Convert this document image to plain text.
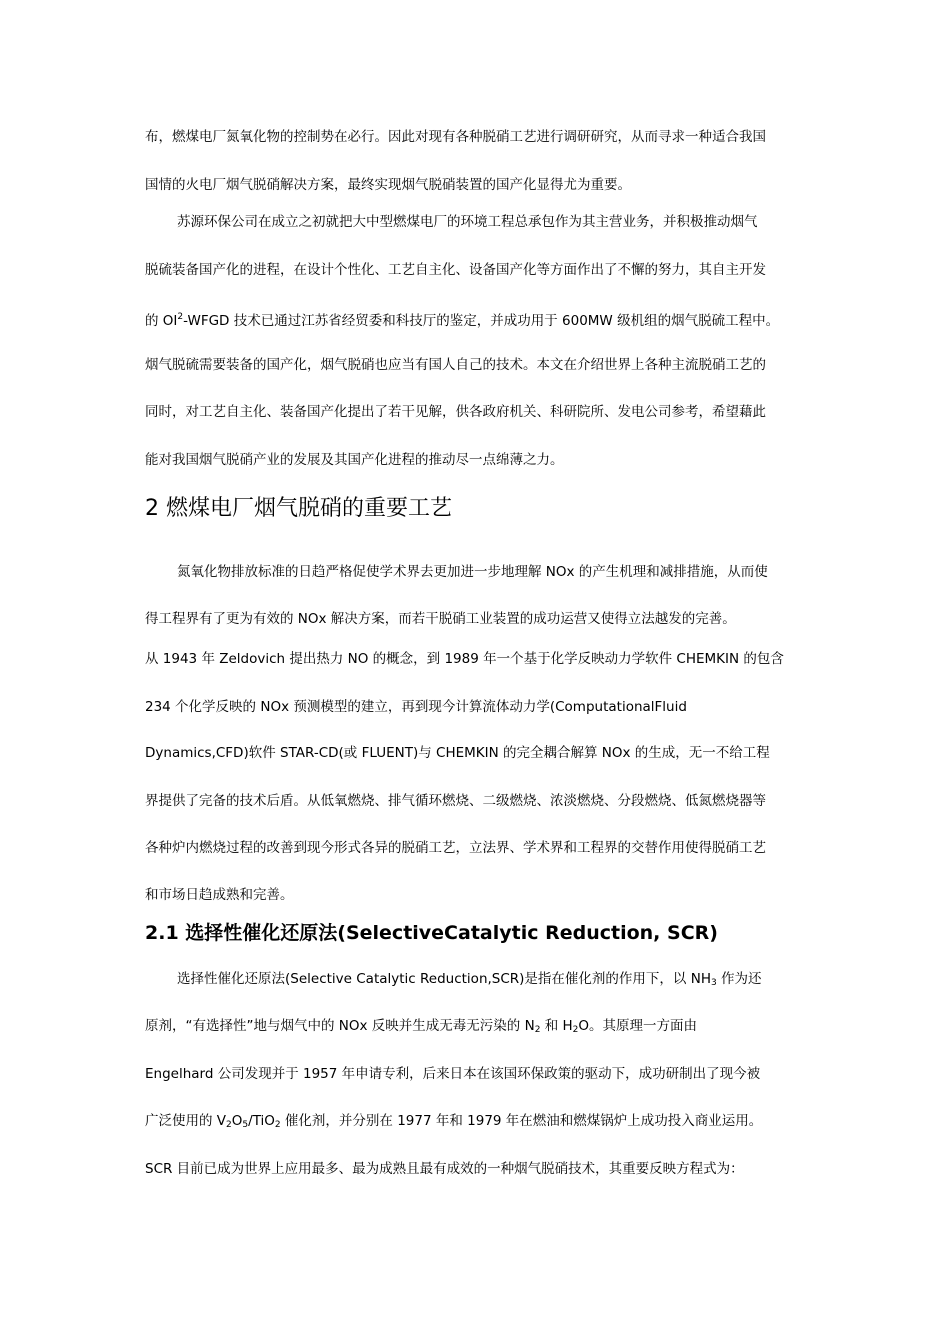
布，燃煤电厂氮氧化物的控制势在必行。因此对现有各种脱硝工艺进行调研研究，从而寻求一种适合我国
国情的火电厂烟气脱硝解决方案，最终实现烟气脱硝装置的国产化显得尤为重要。
苏源环保公司在成立之初就把大中型燃煤电厂的环境工程总承包作为其主营业务，并积极推动烟气
脱硫装备国产化的进程，在设计个性化、工艺自主化、设备国产化等方面作出了不懈的努力，其自主开发
的 $OI^2$-WFGD 技术已通过江苏省经贸委和科技厅的鉴定，并成功用于 600MW 级机组的烟气脱硫工程中。
烟气脱硫需要装备的国产化，烟气脱硝也应当有国人自己的技术。本文在介绍世界上各种主流脱硝工艺的
同时，对工艺自主化、装备国产化提出了若干见解，供各政府机关、科研院所、发电公司参考，希望藉此
能对我国烟气脱硝产业的发展及其国产化进程的推动尽一点绵薄之力。
2 燃煤电厂烟气脱硝的重要工艺
氮氧化物排放标准的日趋严格促使学术界去更加进一步地理解 NOx 的产生机理和减排措施，从而使
得工程界有了更为有效的 NOx 解决方案，而若干脱硝工业装置的成功运营又使得立法越发的完善。
从 1943 年 Zeldovich 提出热力 NO 的概念，到 1989 年一个基于化学反映动力学软件 CHEMKIN 的包含
234 个化学反映的 NOx 预测模型的建立，再到现今计算流体动力学(ComputationalFluid
Dynamics,CFD)软件 STAR-CD(或 FLUENT)与 CHEMKIN 的完全耦合解算 NOx 的生成，无一不给工程
界提供了完备的技术后盾。从低氧燃烧、排气循环燃烧、二级燃烧、浓淡燃烧、分段燃烧、低氮燃烧器等
各种炉内燃烧过程的改善到现今形式各异的脱硝工艺，立法界、学术界和工程界的交替作用使得脱硝工艺
和市场日趋成熟和完善。
2.1 选择性催化还原法(SelectiveCatalytic Reduction, SCR)
选择性催化还原法(Selective Catalytic Reduction,SCR)是指在催化剂的作用下，以 $NH_3$ 作为还
原剂，“有选择性”地与烟气中的 NOx 反映并生成无毒无污染的 $N_2$ 和 $H_2O$。其原理一方面由
Engelhard 公司发现并于 1957 年申请专利，后来日本在该国环保政策的驱动下，成功研制出了现今被
广泛使用的 $V_2O_5/TiO_2$ 催化剂，并分别在 1977 年和 1979 年在燃油和燃煤锅炉上成功投入商业运用。
SCR 目前已成为世界上应用最多、最为成熟且最有成效的一种烟气脱硝技术，其重要反映方程式为：
